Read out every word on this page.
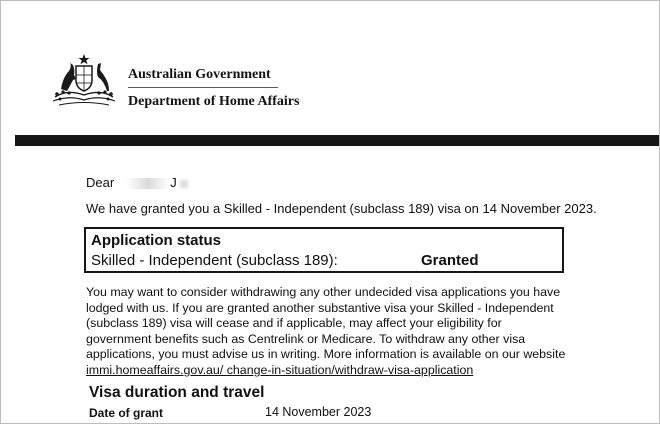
Australian Government
Department of Home Affairs
Dear	J
We have granted you a Skilled - Independent (subclass 189) visa on 14 November 2023.
Application status
Skilled - Independent (subclass 189):	Granted
You may want to consider withdrawing any other undecided visa applications you have lodged with us. If you are granted another substantive visa your Skilled - Independent (subclass 189) visa will cease and if applicable, may affect your eligibility for government benefits such as Centrelink or Medicare. To withdraw any other visa applications, you must advise us in writing. More information is available on our website immi.homeaffairs.gov.au/ change-in-situation/withdraw-visa-application
Visa duration and travel
Date of grant	14 November 2023
